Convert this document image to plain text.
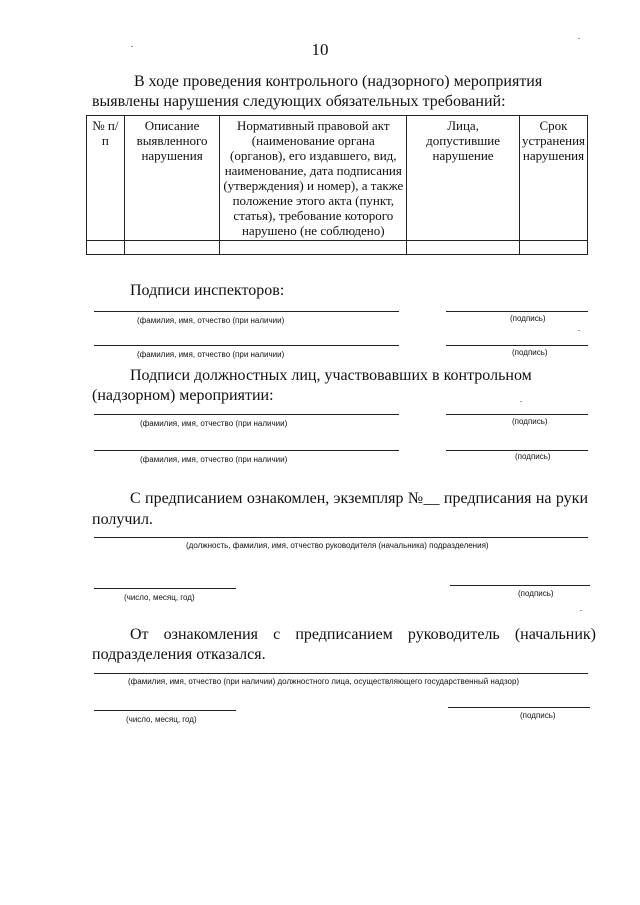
10
В ходе проведения контрольного (надзорного) мероприятия выявлены нарушения следующих обязательных требований:
№ п/п	Описание выявленного нарушения	Нормативный правовой акт (наименование органа (органов), его издавшего, вид, наименование, дата подписания (утверждения) и номер), а также положение этого акта (пункт, статья), требование которого нарушено (не соблюдено)	Лица, допустившие нарушение	Срок устранения нарушения

Подписи инспекторов:
(фамилия, имя, отчество (при наличии)	(подпись)
(фамилия, имя, отчество (при наличии)	(подпись)
Подписи должностных лиц, участвовавших в контрольном (надзорном) мероприятии:
(фамилия, имя, отчество (при наличии)	(подпись)
(фамилия, имя, отчество (при наличии)	(подпись)
С предписанием ознакомлен, экземпляр №__ предписания на руки
получил.
(должность, фамилия, имя, отчество руководителя (начальника) подразделения)
(число, месяц, год)	(подпись)
От ознакомления с предписанием руководитель (начальник)
подразделения отказался.
(фамилия, имя, отчество (при наличии) должностного лица, осуществляющего государственный надзор)
(число, месяц, год)	(подпись)
